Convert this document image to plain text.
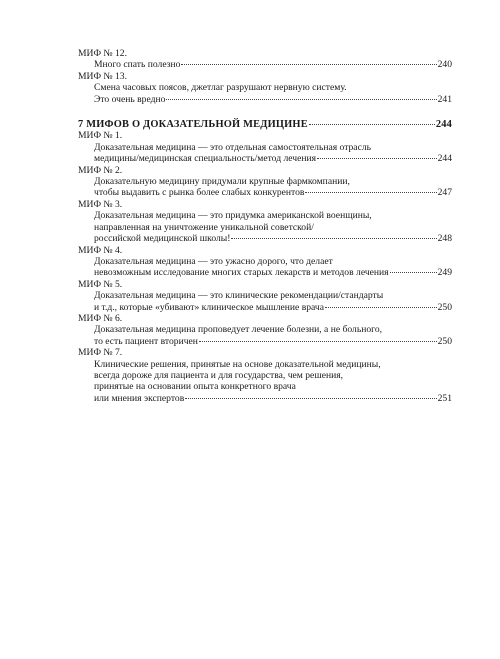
МИФ № 12.
Много спать полезно	240
МИФ № 13.
Смена часовых поясов, джетлаг разрушают нервную систему.
Это очень вредно	241
7 МИФОВ О ДОКАЗАТЕЛЬНОЙ МЕДИЦИНЕ	244
МИФ № 1.
Доказательная медицина — это отдельная самостоятельная отрасль
медицины/медицинская специальность/метод лечения	244
МИФ № 2.
Доказательную медицину придумали крупные фармкомпании,
чтобы выдавить с рынка более слабых конкурентов	247
МИФ № 3.
Доказательная медицина — это придумка американской военщины,
направленная на уничтожение уникальной советской/
российской медицинской школы!	248
МИФ № 4.
Доказательная медицина — это ужасно дорого, что делает
невозможным исследование многих старых лекарств и методов лечения	249
МИФ № 5.
Доказательная медицина — это клинические рекомендации/стандарты
и т.д., которые «убивают» клиническое мышление врача	250
МИФ № 6.
Доказательная медицина проповедует лечение болезни, а не больного,
то есть пациент вторичен	250
МИФ № 7.
Клинические решения, принятые на основе доказательной медицины,
всегда дороже для пациента и для государства, чем решения,
принятые на основании опыта конкретного врача
или мнения экспертов	251
